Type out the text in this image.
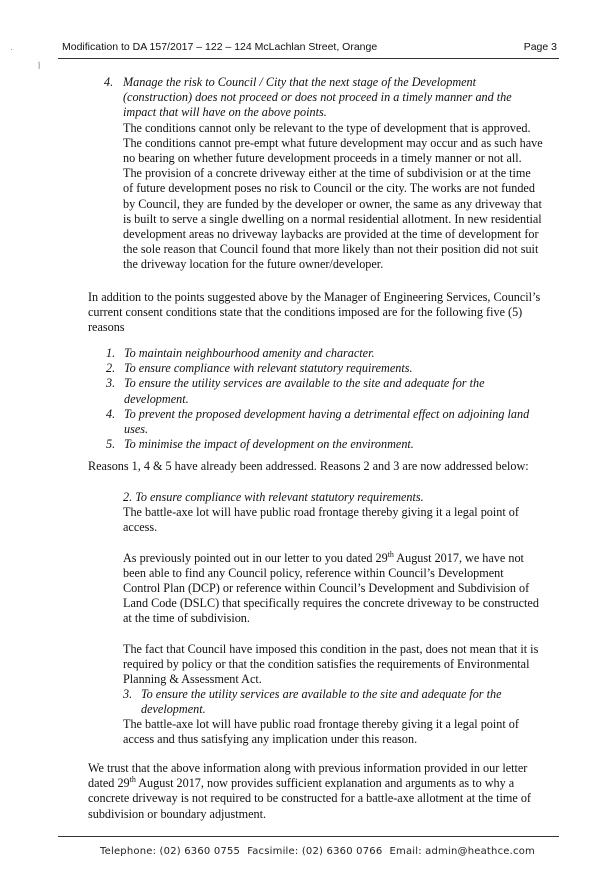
Modification to DA 157/2017 – 122 – 124 McLachlan Street, Orange	Page 3
⧘
·
4. Manage the risk to Council / City that the next stage of the Development (construction) does not proceed or does not proceed in a timely manner and the impact that will have on the above points.

The conditions cannot only be relevant to the type of development that is approved. The conditions cannot pre-empt what future development may occur and as such have no bearing on whether future development proceeds in a timely manner or not all. The provision of a concrete driveway either at the time of subdivision or at the time of future development poses no risk to Council or the city. The works are not funded by Council, they are funded by the developer or owner, the same as any driveway that is built to serve a single dwelling on a normal residential allotment. In new residential development areas no driveway laybacks are provided at the time of development for the sole reason that Council found that more likely than not their position did not suit the driveway location for the future owner/developer.

In addition to the points suggested above by the Manager of Engineering Services, Council’s current consent conditions state that the conditions imposed are for the following five (5) reasons

1. To maintain neighbourhood amenity and character.
2. To ensure compliance with relevant statutory requirements.
3. To ensure the utility services are available to the site and adequate for the development.
4. To prevent the proposed development having a detrimental effect on adjoining land uses.
5. To minimise the impact of development on the environment.

Reasons 1, 4 & 5 have already been addressed. Reasons 2 and 3 are now addressed below:

2. To ensure compliance with relevant statutory requirements.

The battle-axe lot will have public road frontage thereby giving it a legal point of access.

As previously pointed out in our letter to you dated 29th August 2017, we have not been able to find any Council policy, reference within Council’s Development Control Plan (DCP) or reference within Council’s Development and Subdivision of Land Code (DSLC) that specifically requires the concrete driveway to be constructed at the time of subdivision.

The fact that Council have imposed this condition in the past, does not mean that it is required by policy or that the condition satisfies the requirements of Environmental Planning & Assessment Act.

3. To ensure the utility services are available to the site and adequate for the development.

The battle-axe lot will have public road frontage thereby giving it a legal point of access and thus satisfying any implication under this reason.

We trust that the above information along with previous information provided in our letter dated 29th August 2017, now provides sufficient explanation and arguments as to why a concrete driveway is not required to be constructed for a battle-axe allotment at the time of subdivision or boundary adjustment.

Telephone: (02) 6360 0755 Facsimile: (02) 6360 0766 Email: admin@heathce.com
